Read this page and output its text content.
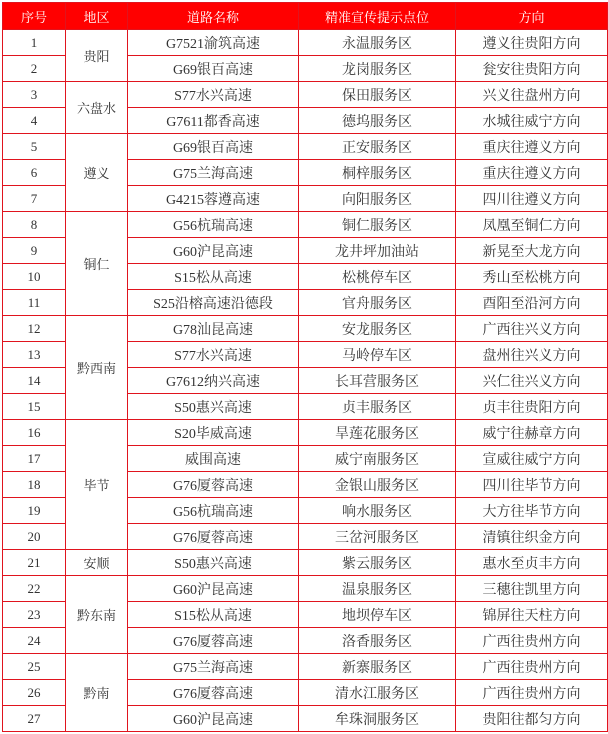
序号	地区	道路名称	精准宣传提示点位	方向
1	贵阳	G7521渝筑高速	永温服务区	遵义往贵阳方向
2		G69银百高速	龙岗服务区	瓮安往贵阳方向
3	六盘水	S77水兴高速	保田服务区	兴义往盘州方向
4		G7611都香高速	德坞服务区	水城往威宁方向
5	遵义	G69银百高速	正安服务区	重庆往遵义方向
6		G75兰海高速	桐梓服务区	重庆往遵义方向
7		G4215蓉遵高速	向阳服务区	四川往遵义方向
8	铜仁	G56杭瑞高速	铜仁服务区	凤凰至铜仁方向
9		G60沪昆高速	龙井坪加油站	新晃至大龙方向
10		S15松从高速	松桃停车区	秀山至松桃方向
11		S25沿榕高速沿德段	官舟服务区	酉阳至沿河方向
12	黔西南	G78汕昆高速	安龙服务区	广西往兴义方向
13		S77水兴高速	马岭停车区	盘州往兴义方向
14		G7612纳兴高速	长耳营服务区	兴仁往兴义方向
15		S50惠兴高速	贞丰服务区	贞丰往贵阳方向
16	毕节	S20毕威高速	旱莲花服务区	威宁往赫章方向
17		威围高速	威宁南服务区	宣威往威宁方向
18		G76厦蓉高速	金银山服务区	四川往毕节方向
19		G56杭瑞高速	响水服务区	大方往毕节方向
20		G76厦蓉高速	三岔河服务区	清镇往织金方向
21	安顺	S50惠兴高速	紫云服务区	惠水至贞丰方向
22	黔东南	G60沪昆高速	温泉服务区	三穗往凯里方向
23		S15松从高速	地坝停车区	锦屏往天柱方向
24		G76厦蓉高速	洛香服务区	广西往贵州方向
25	黔南	G75兰海高速	新寨服务区	广西往贵州方向
26		G76厦蓉高速	清水江服务区	广西往贵州方向
27		G60沪昆高速	牟珠洞服务区	贵阳往都匀方向
